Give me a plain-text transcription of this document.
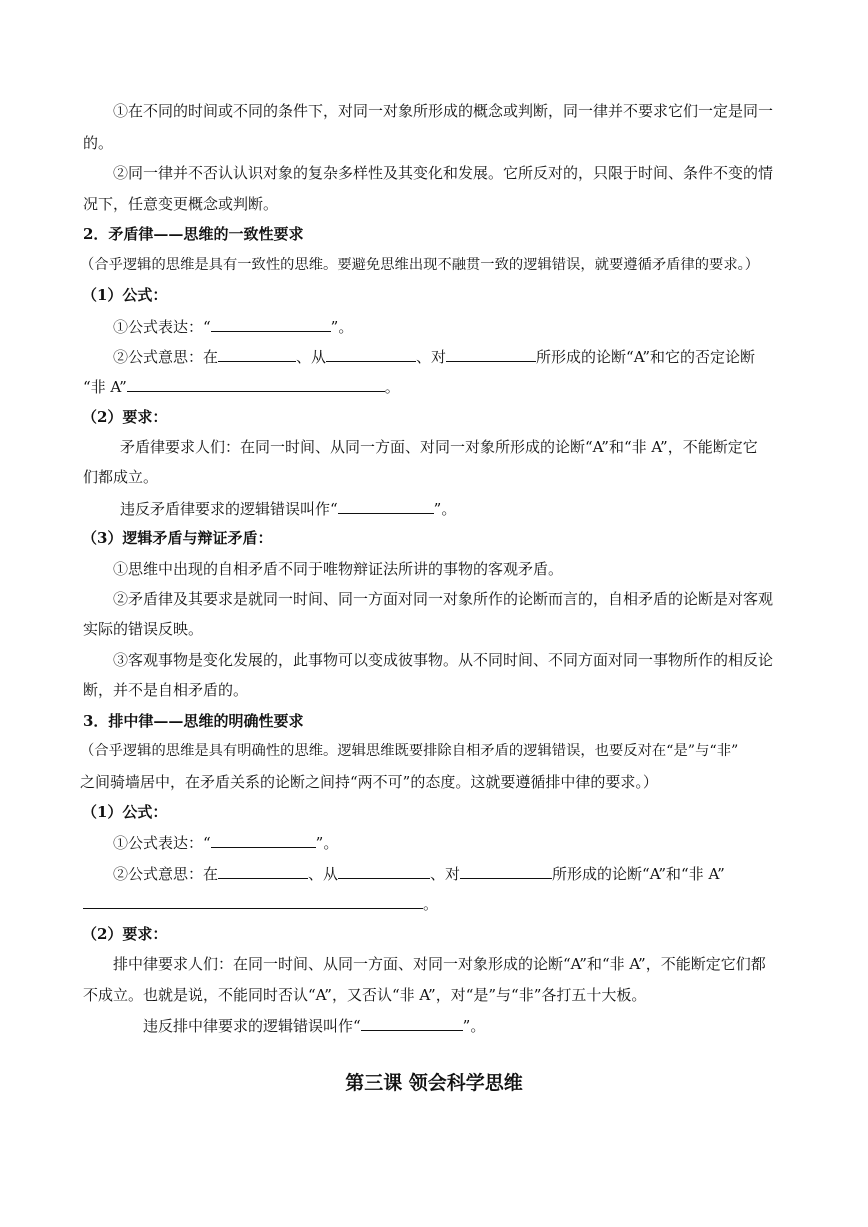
①在不同的时间或不同的条件下，对同一对象所形成的概念或判断，同一律并不要求它们一定是同一
的。
②同一律并不否认认识对象的复杂多样性及其变化和发展。它所反对的，只限于时间、条件不变的情
况下，任意变更概念或判断。
2．矛盾律——思维的一致性要求
（合乎逻辑的思维是具有一致性的思维。要避免思维出现不融贯一致的逻辑错误，就要遵循矛盾律的要求。）
（1）公式：
①公式表达：“	”。
②公式意思：在	、从	、对	所形成的论断“A”和它的否定论断
“非 A”	。
（2）要求：
矛盾律要求人们：在同一时间、从同一方面、对同一对象所形成的论断“A”和“非 A”，不能断定它
们都成立。
违反矛盾律要求的逻辑错误叫作“	”。
（3）逻辑矛盾与辩证矛盾：
①思维中出现的自相矛盾不同于唯物辩证法所讲的事物的客观矛盾。
②矛盾律及其要求是就同一时间、同一方面对同一对象所作的论断而言的，自相矛盾的论断是对客观
实际的错误反映。
③客观事物是变化发展的，此事物可以变成彼事物。从不同时间、不同方面对同一事物所作的相反论
断，并不是自相矛盾的。
3．排中律——思维的明确性要求
（合乎逻辑的思维是具有明确性的思维。逻辑思维既要排除自相矛盾的逻辑错误，也要反对在“是”与“非”
之间骑墙居中，在矛盾关系的论断之间持“两不可”的态度。这就要遵循排中律的要求。）
（1）公式：
①公式表达：“	”。
②公式意思：在	、从	、对	所形成的论断“A”和“非 A”
。
（2）要求：
排中律要求人们：在同一时间、从同一方面、对同一对象形成的论断“A”和“非 A”，不能断定它们都
不成立。也就是说，不能同时否认“A”，又否认“非 A”，对“是”与“非”各打五十大板。
违反排中律要求的逻辑错误叫作“	”。
第三课 领会科学思维
